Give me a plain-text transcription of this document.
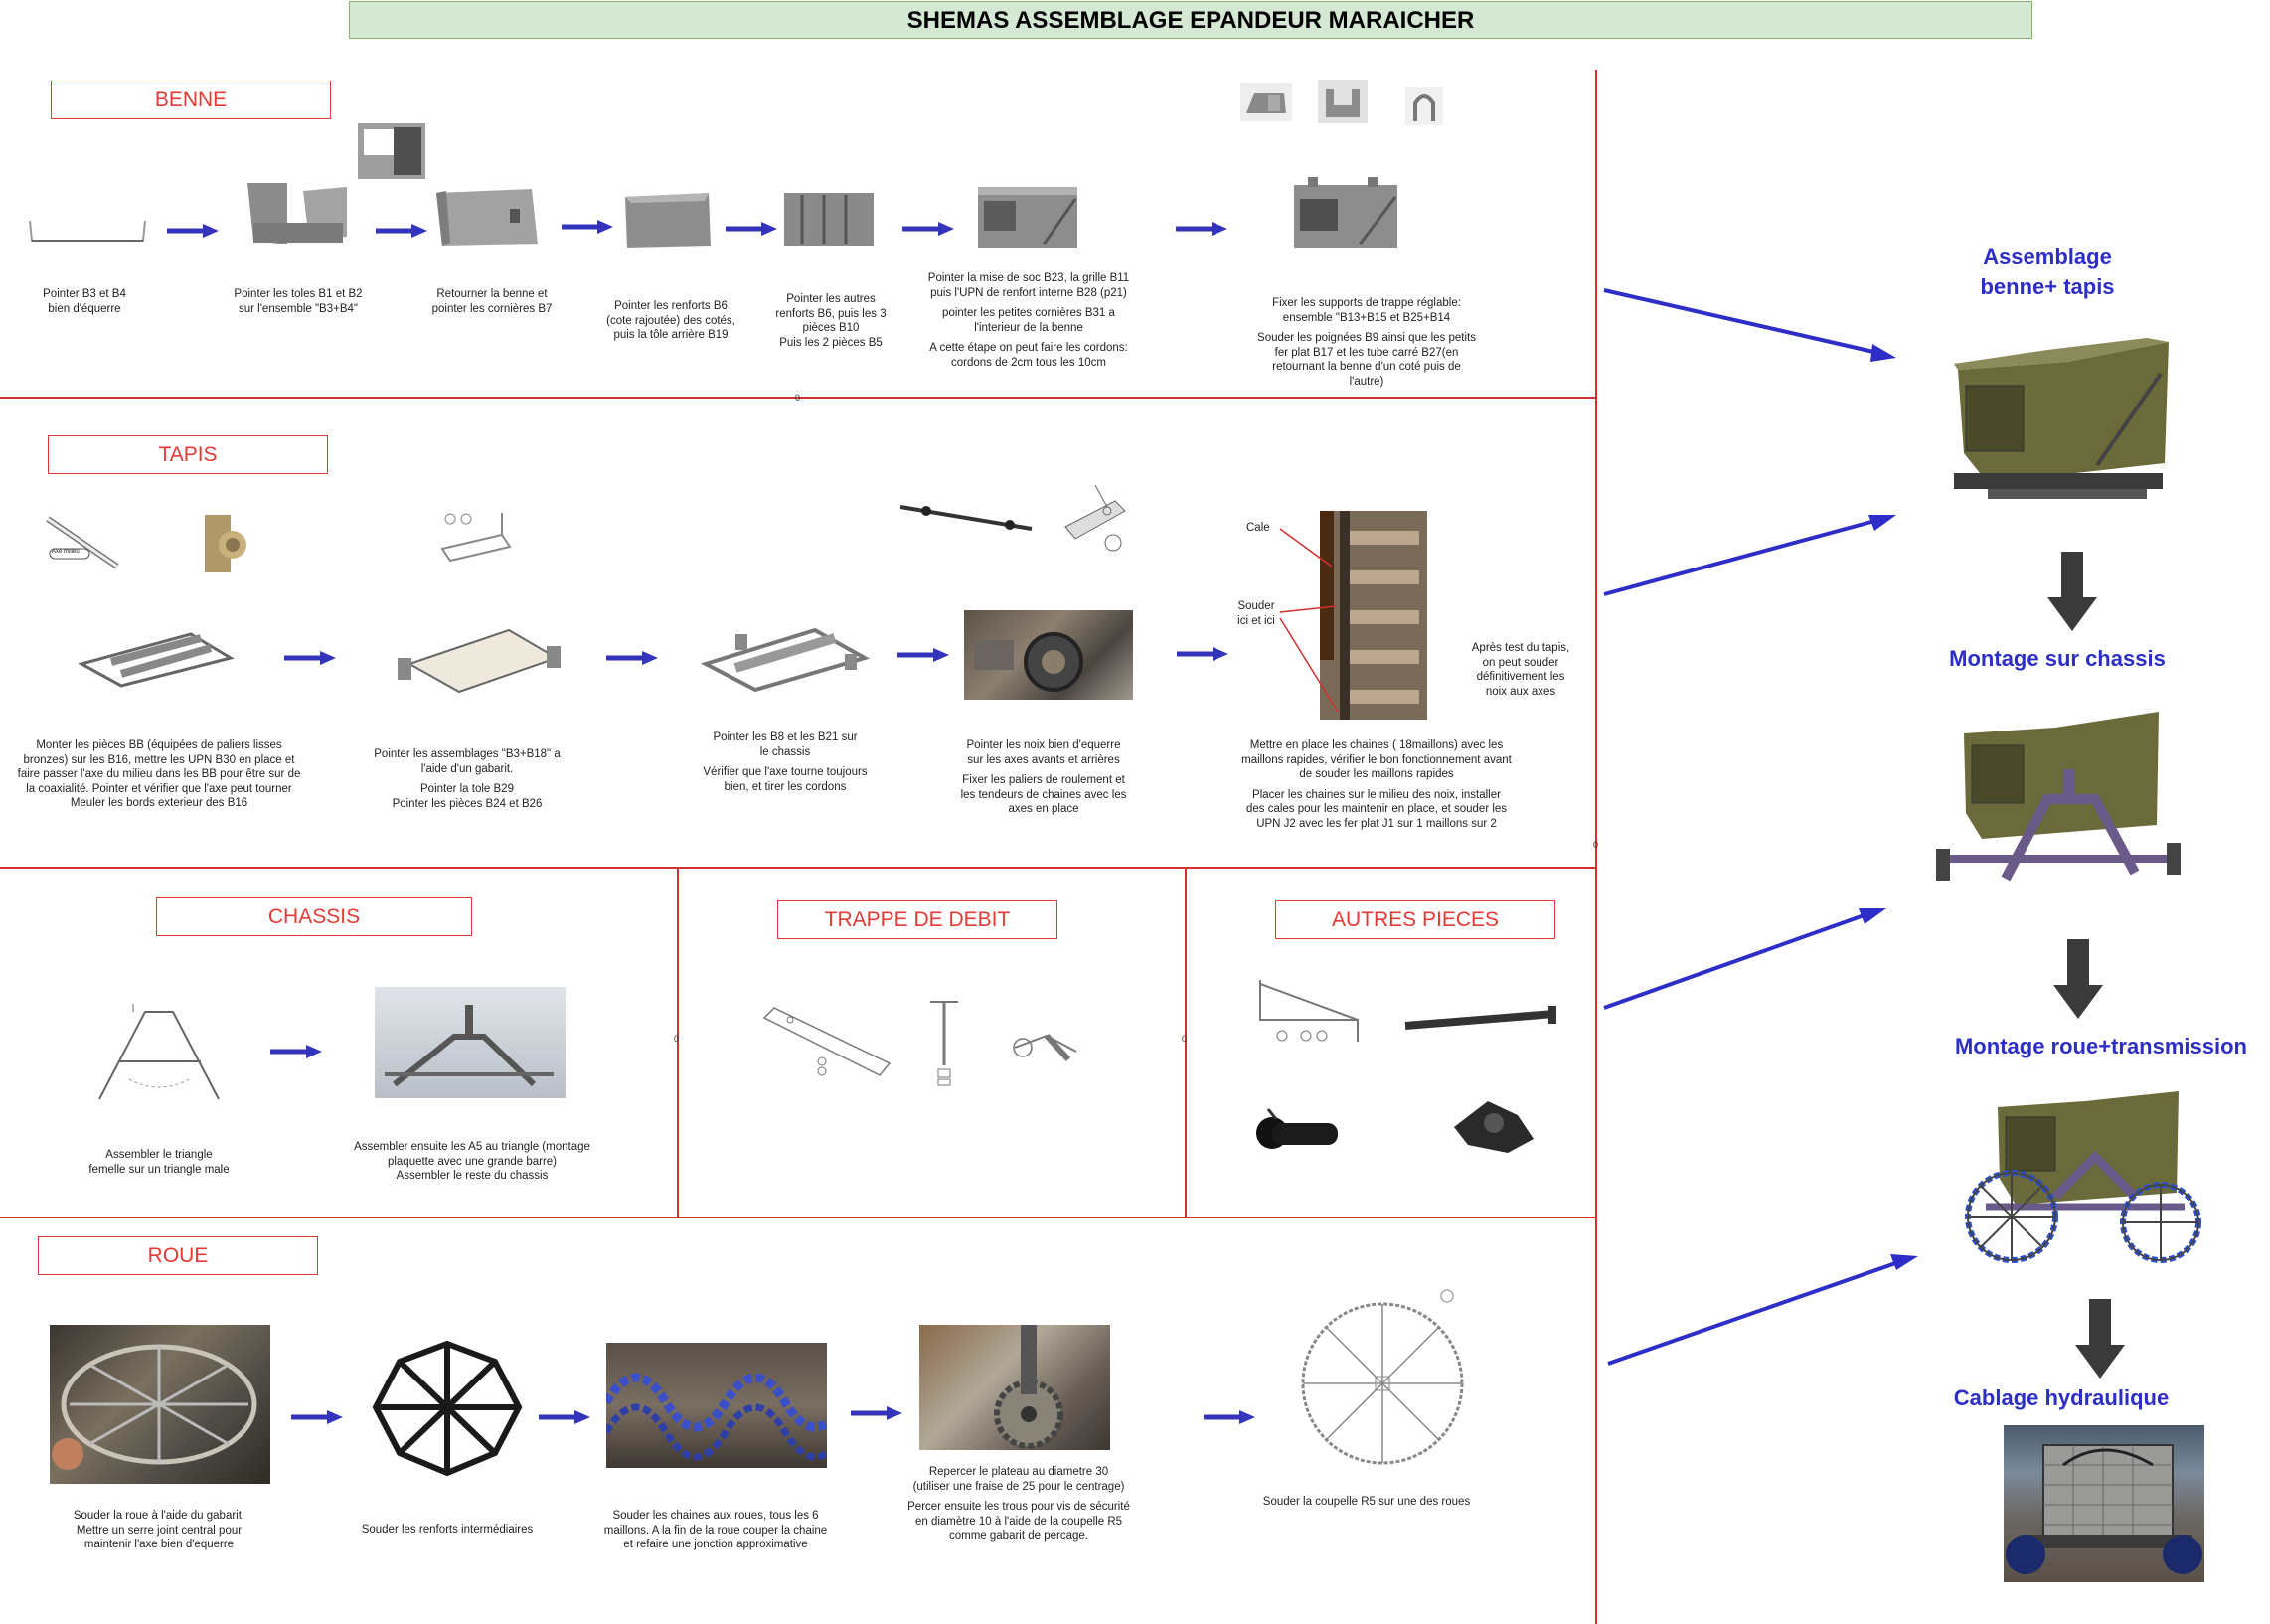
SHEMAS ASSEMBLAGE EPANDEUR MARAICHER
0
0
0	0
BENNE
TAPIS
CHASSIS	TRAPPE DE DEBIT	AUTRES PIECES
ROUE

Pointer B3 et B4
bien d'équerre

Pointer les toles B1 et B2
sur l'ensemble "B3+B4"

Retourner la benne et
pointer les cornières B7	Pointer les renforts B6
(cote rajoutée) des cotés,
puis la tôle arrière B19

Pointer les autres
renforts B6, puis les 3
pièces B10
Puis les 2 pièces B5

Pointer la mise de soc B23, la grille B11
puis l'UPN de renfort interne B28 (p21)

pointer les petites cornières B31 a
l'interieur de la benne

A cette étape on peut faire les cordons:
cordons de 2cm tous les 10cm

Fixer les supports de trappe réglable:
ensemble "B13+B15 et B25+B14

Souder les poignées B9 ainsi que les petits
fer plat B17 et les tube carré B27(en
retournant la benne d'un coté puis de
l'autre)

Axe milieu
Cale
Souder
ici et ici

Monter les pièces BB (équipées de paliers lisses
bronzes) sur les B16, mettre les UPN B30 en place et
faire passer l'axe du milieu dans les BB pour être sur de
la coaxialité. Pointer et vérifier que l'axe peut tourner
Meuler les bords exterieur des B16

Pointer les assemblages "B3+B18" a
l'aide d'un gabarit.

Pointer la tole B29
Pointer les pièces B24 et B26

Pointer les B8 et les B21 sur
le chassis

Vérifier que l'axe tourne toujours
bien, et tirer les cordons

Pointer les noix bien d'equerre
sur les axes avants et arrières

Fixer les paliers de roulement et
les tendeurs de chaines avec les
axes en place

Mettre en place les chaines ( 18maillons) avec les
maillons rapides, vérifier le bon fonctionnement avant
de souder les maillons rapides

Placer les chaines sur le milieu des noix, installer
des cales pour les maintenir en place, et souder les
UPN J2 avec les fer plat J1 sur 1 maillons sur 2

Après test du tapis,
on peut souder
définitivement les
noix aux axes

Assembler le triangle
femelle sur un triangle male

Assembler ensuite les A5 au triangle (montage
plaquette avec une grande barre)
Assembler le reste du chassis

Souder la roue à l'aide du gabarit.
Mettre un serre joint central pour
maintenir l'axe bien d'equerre

Souder les renforts intermédiaires

Souder les chaines aux roues, tous les 6
maillons. A la fin de la roue couper la chaine
et refaire une jonction approximative

Repercer le plateau au diametre 30
(utiliser une fraise de 25 pour le centrage)

Percer ensuite les trous pour vis de sécurité
en diamètre 10 à l'aide de la coupelle R5
comme gabarit de percage.

Souder la coupelle R5 sur une des roues

Assemblage
benne+ tapis
Montage sur chassis
Montage roue+transmission
Cablage hydraulique
